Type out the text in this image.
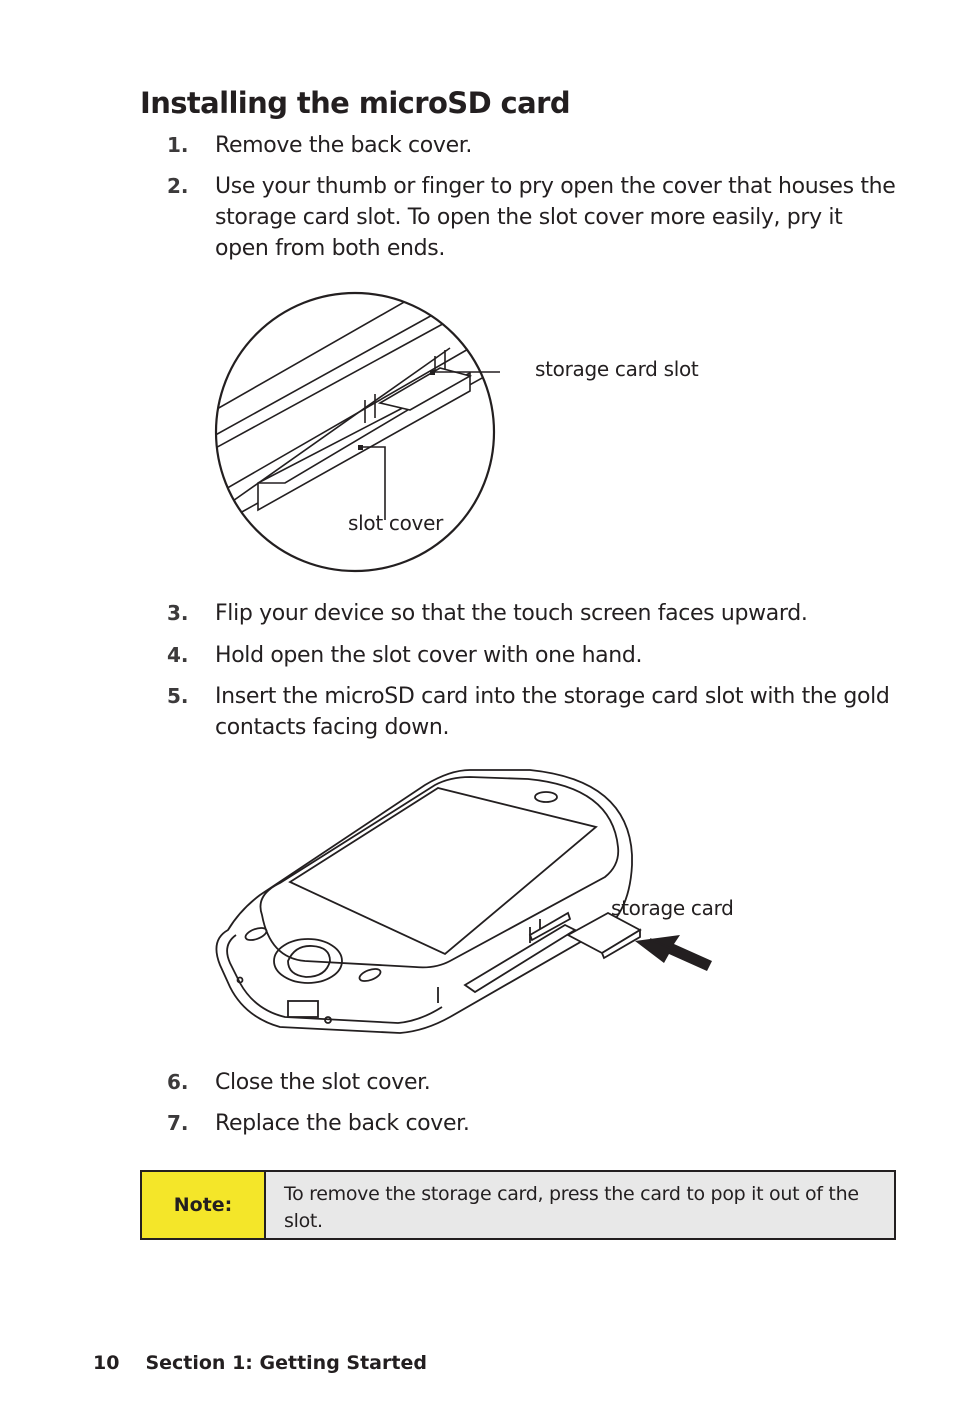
Installing the microSD card
1. Remove the back cover.
2. Use your thumb or finger to pry open the cover that houses the storage card slot. To open the slot cover more easily, pry it open from both ends.
storage card slot
slot cover
3. Flip your device so that the touch screen faces upward.
4. Hold open the slot cover with one hand.
5. Insert the microSD card into the storage card slot with the gold contacts facing down.
storage card
6. Close the slot cover.
7. Replace the back cover.
Note:	To remove the storage card, press the card to pop it out of the slot.
10 Section 1: Getting Started
